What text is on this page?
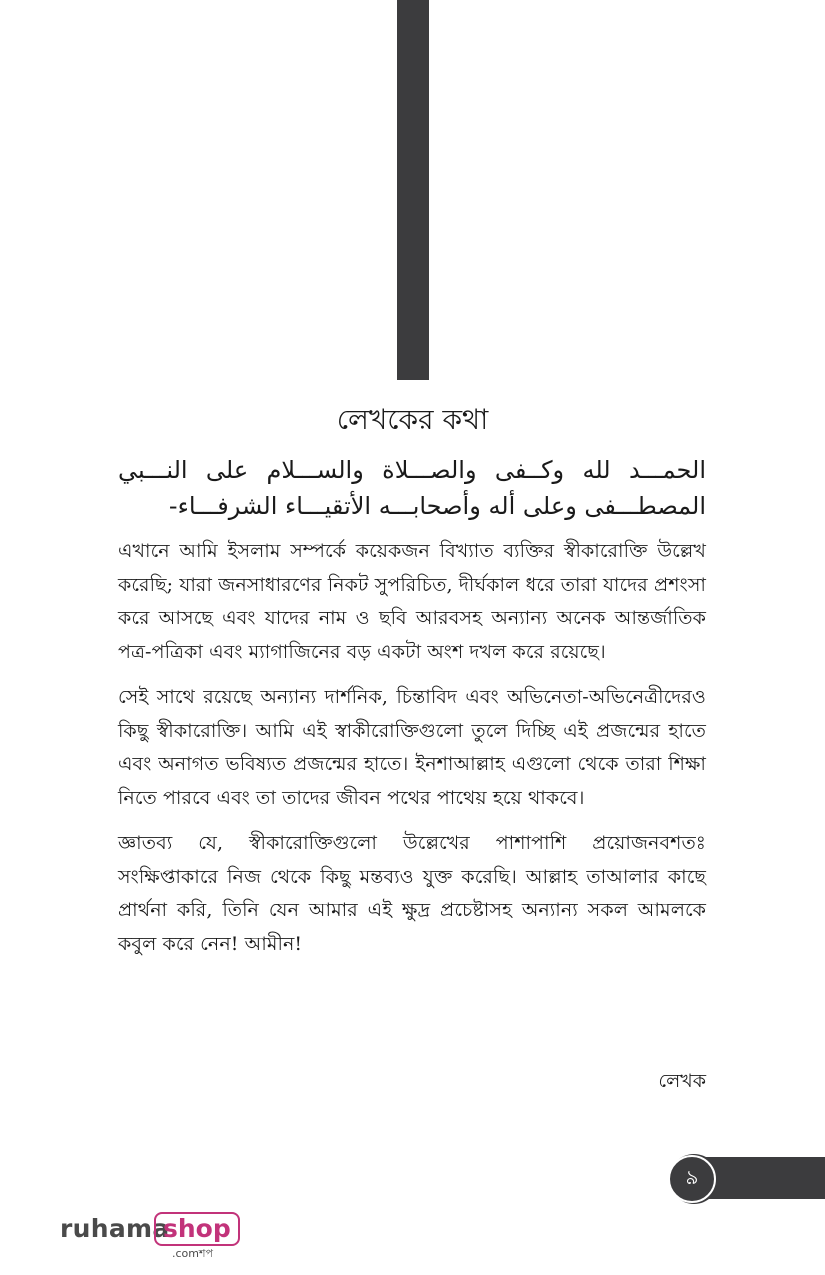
লেখকের কথা
الحمـــد لله وكــفى والصـــلاة والســـلام على النـــبي المصطـــفى وعلى أله وأصحابـــه الأتقيـــاء الشرفـــاء-

এখানে আমি ইসলাম সম্পর্কে কয়েকজন বিখ্যাত ব্যক্তির স্বীকারোক্তি উল্লেখ করেছি; যারা জনসাধারণের নিকট সুপরিচিত, দীর্ঘকাল ধরে তারা যাদের প্রশংসা করে আসছে এবং যাদের নাম ও ছবি আরবসহ অন্যান্য অনেক আন্তর্জাতিক পত্র-পত্রিকা এবং ম্যাগাজিনের বড় একটা অংশ দখল করে রয়েছে।

সেই সাথে রয়েছে অন্যান্য দার্শনিক, চিন্তাবিদ এবং অভিনেতা-অভিনেত্রীদেরও কিছু স্বীকারোক্তি। আমি এই স্বাকীরোক্তিগুলো তুলে দিচ্ছি এই প্রজন্মের হাতে এবং অনাগত ভবিষ্যত প্রজন্মের হাতে। ইনশাআল্লাহ এগুলো থেকে তারা শিক্ষা নিতে পারবে এবং তা তাদের জীবন পথের পাথেয় হয়ে থাকবে।

জ্ঞাতব্য যে, স্বীকারোক্তিগুলো উল্লেখের পাশাপাশি প্রয়োজনবশতঃ সংক্ষিপ্তাকারে নিজ থেকে কিছু মন্তব্যও যুক্ত করেছি। আল্লাহ তাআলার কাছে প্রার্থনা করি, তিনি যেন আমার এই ক্ষুদ্র প্রচেষ্টাসহ অন্যান্য সকল আমলকে কবুল করে নেন! আমীন!

লেখক
৯
ruhama
shop
.comশপ
